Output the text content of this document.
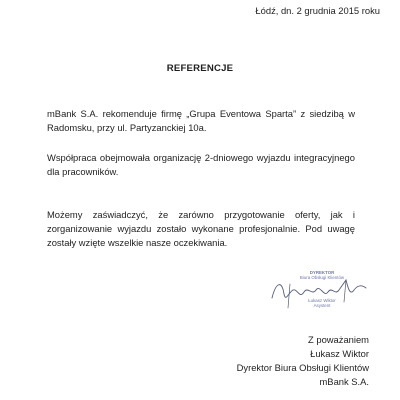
Łódź, dn. 2 grudnia 2015 roku
REFERENCJE
mBank S.A. rekomenduje firmę „Grupa Eventowa Sparta” z siedzibą w Radomsku, przy ul. Partyzanckiej 10a.
Współpraca obejmowała organizację 2-dniowego wyjazdu integracyjnego dla pracowników.
Możemy zaświadczyć, że zarówno przygotowanie oferty, jak i zorganizowanie wyjazdu zostało wykonane profesjonalnie. Pod uwagę zostały wzięte wszelkie nasze oczekiwania.
DYREKTOR
Biura Obsługi Klientów
Łukasz Wiktor
Asystent
Z poważaniem
Łukasz Wiktor
Dyrektor Biura Obsługi Klientów
mBank S.A.
